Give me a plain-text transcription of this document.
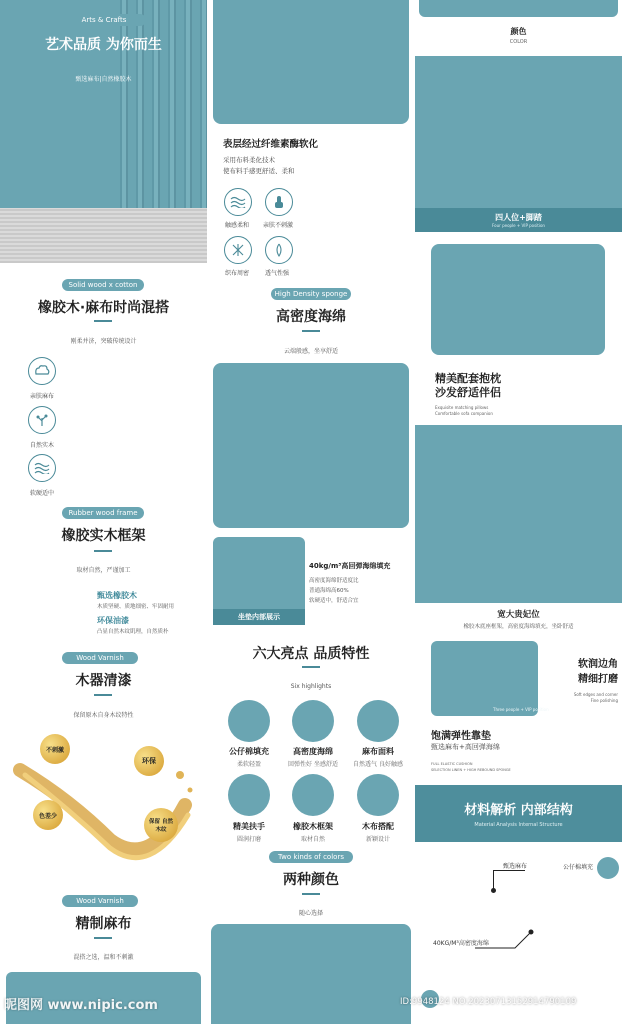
Arts & Crafts
艺术品质 为你而生
甄选麻布|自然橡胶木
Solid wood x cotton
橡胶木·麻布时尚混搭
刚柔并济，突破传统设计
亲肤麻布
自然实木
软硬适中
Rubber wood frame
橡胶实木框架
取材自然，严谨加工
甄选橡胶木
木质坚硬、质地细密、牢固耐用
环保油漆
凸显自然木纹肌理，自然质朴
Wood Varnish
木器清漆
保留原木自身木纹特性
不刺激
环保
色差少
保留 自然木纹
Wood Varnish
精制麻布
混搭之选，温和不刺激
表层经过纤维素酶软化
采用布料柔化技术
使布料手感更舒适、柔和
触感柔和 亲肤不刺激
织布周密	透气性强
High Density sponge
高密度海绵
云端般感，坐享舒适
坐垫内部展示
40kg/m³高回弹海绵填充
高密度海绵舒适度比
普通海绵高60%
软硬适中，舒适合宜
六大亮点 品质特性
Six highlights
公仔棉填充
柔软轻盈
高密度海绵
回弹性好 坐感舒适
麻布面料
自然透气 良好触感
精美扶手
圆润打磨
橡胶木框架
取材自然
木布搭配
新颖设计
Two kinds of colors
两种颜色
随心选择
颜色
COLOR
四人位+脚踏
Four people + VIP position
精美配套抱枕
沙发舒适伴侣
Exquisite matching pillows
Comfortable sofa companion
宽大贵妃位
橡胶木底座框架，高密度海绵填充，坐卧舒适
Three people + VIP position
软润边角
精细打磨
Soft edges and corner
Fine polishing
饱满弹性靠垫
甄选麻布+高回弹海绵
FULL ELASTIC CUSHION
SELECTION LINEN + HIGH REBOUND SPONGE
材料解析 内部结构
Material Analysis Internal Structure
甄选麻布	公仔棉填充
40KG/M³高密度海绵
昵图网 www.nipic.com	ID:9948124 NO:20230713152914790109
